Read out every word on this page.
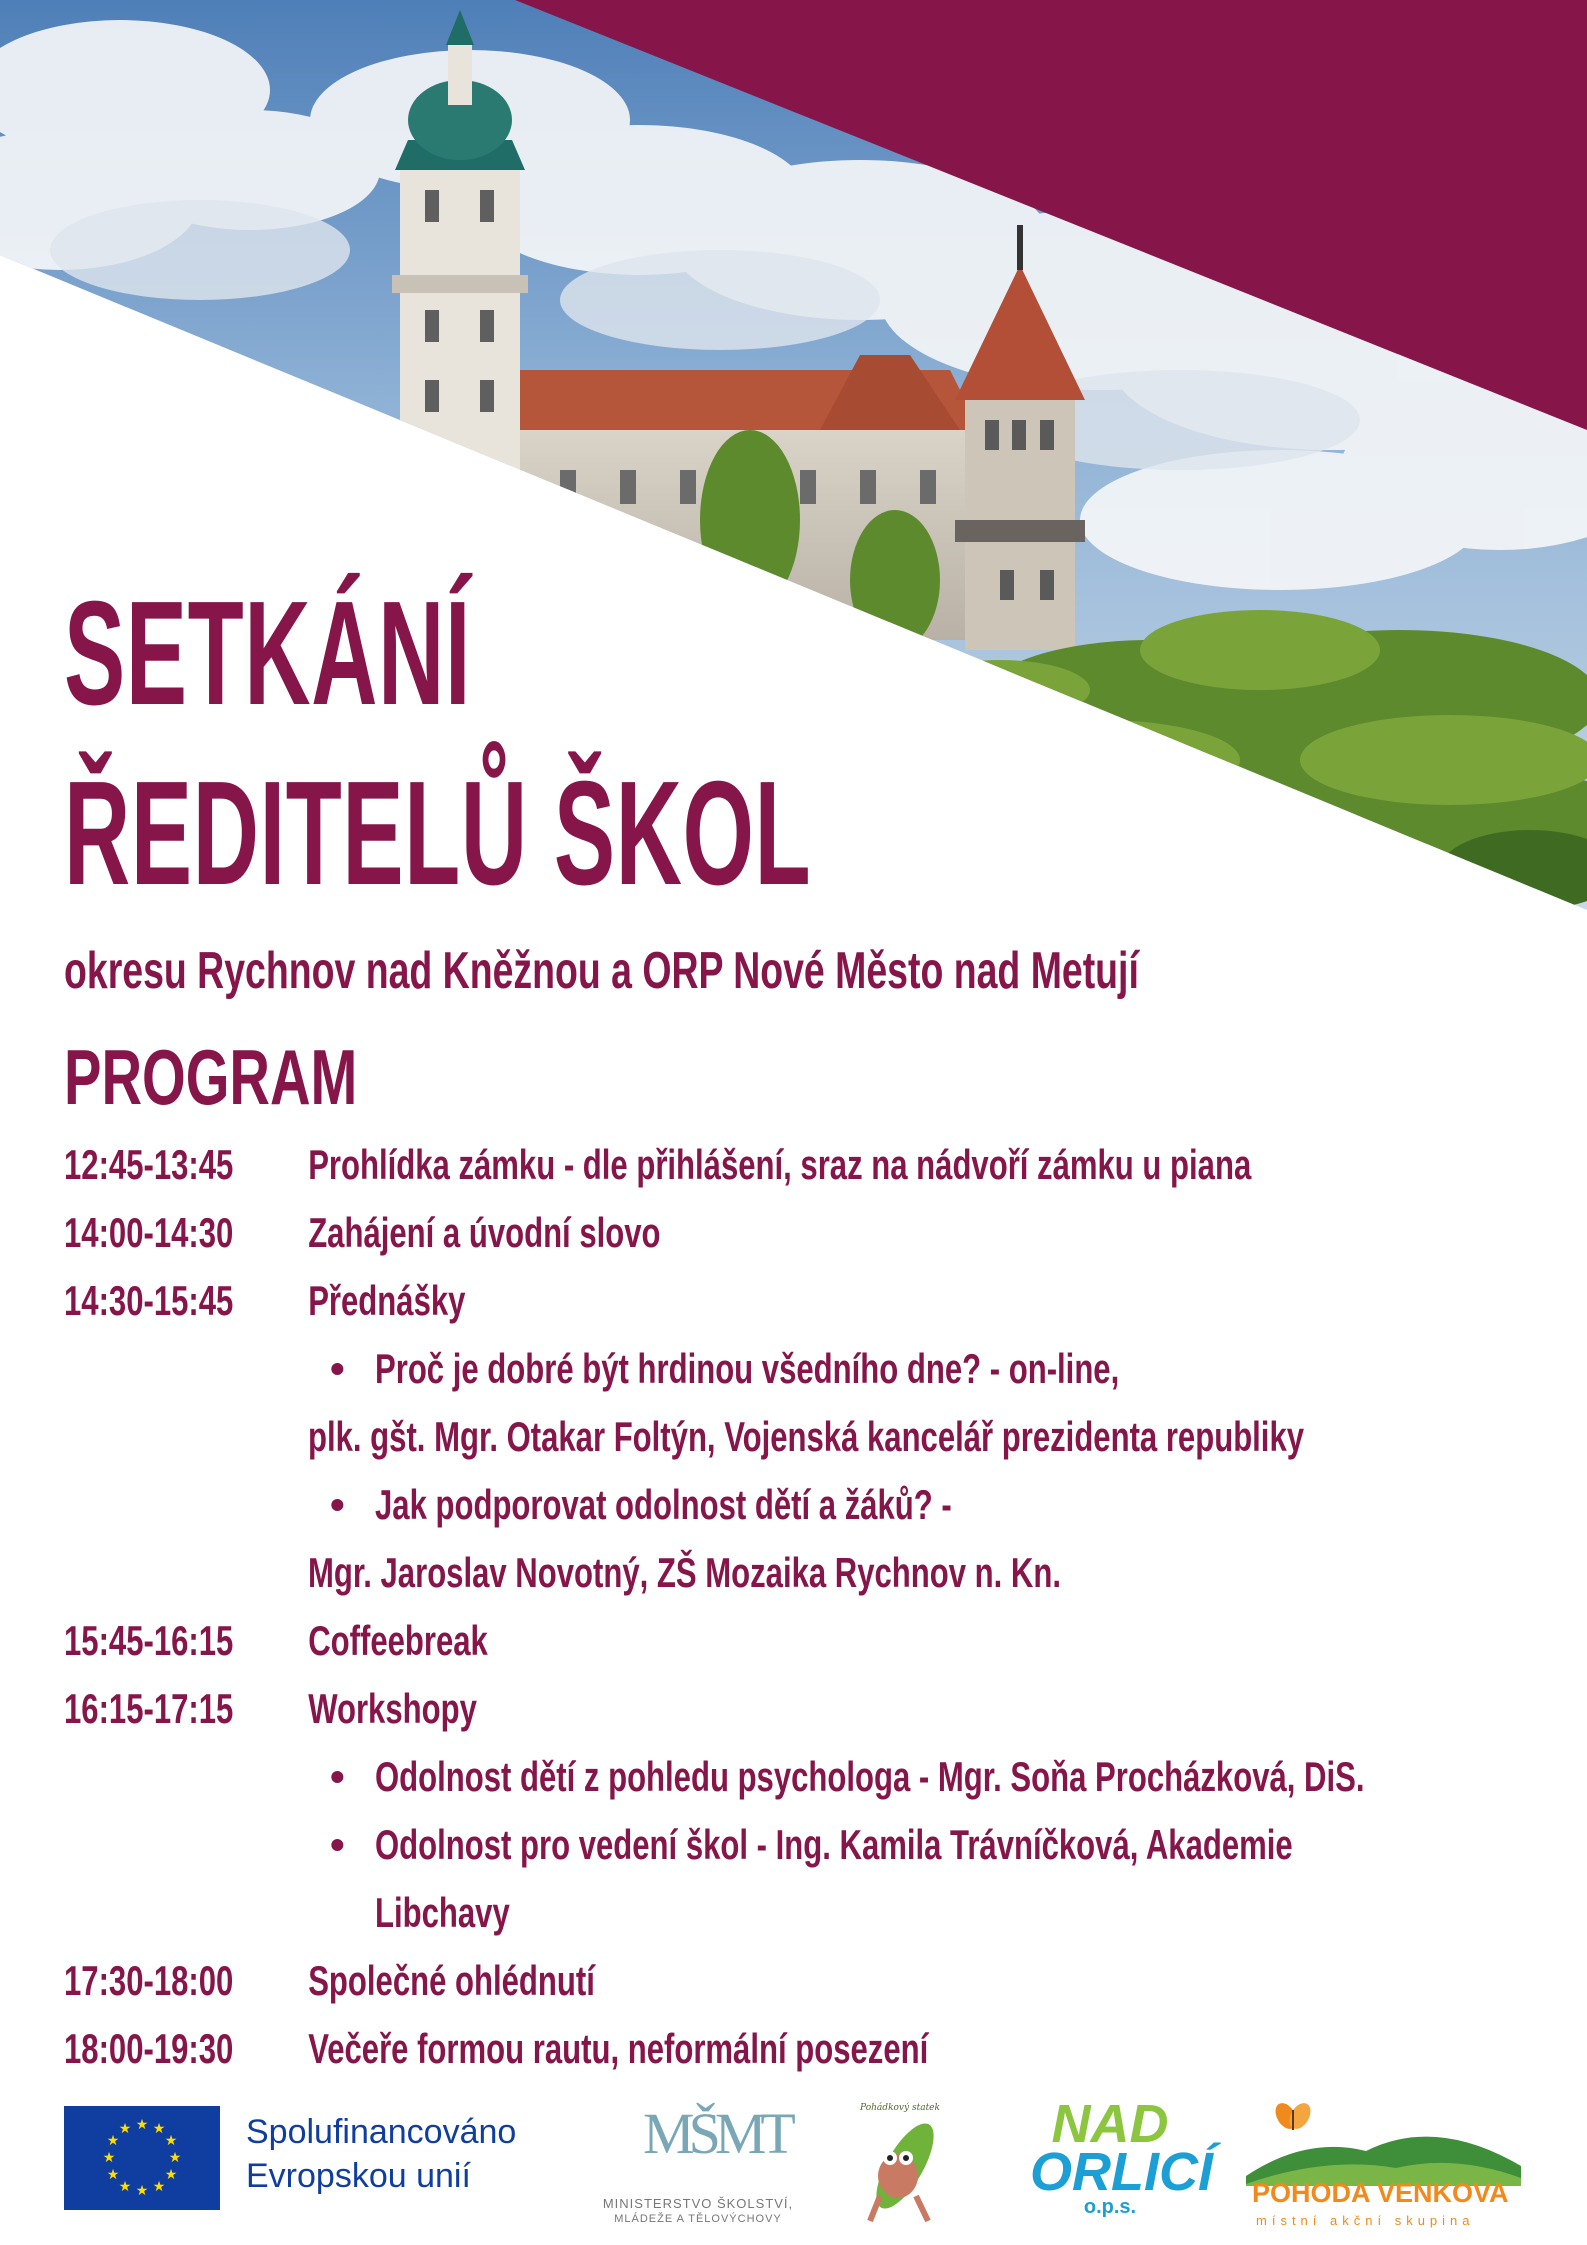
SETKÁNÍ
ŘEDITELŮ ŠKOL
okresu Rychnov nad Kněžnou a ORP Nové Město nad Metují
PROGRAM
12:45-13:45 Prohlídka zámku - dle přihlášení, sraz na nádvoří zámku u piana
14:00-14:30 Zahájení a úvodní slovo
14:30-15:45 Přednášky
• Proč je dobré být hrdinou všedního dne? - on-line,
plk. gšt. Mgr. Otakar Foltýn, Vojenská kancelář prezidenta republiky
• Jak podporovat odolnost dětí a žáků? -
Mgr. Jaroslav Novotný, ZŠ Mozaika Rychnov n. Kn.
15:45-16:15 Coffeebreak
16:15-17:15 Workshopy
• Odolnost dětí z pohledu psychologa - Mgr. Soňa Procházková, DiS.
• Odolnost pro vedení škol - Ing. Kamila Trávníčková, Akademie
Libchavy
17:30-18:00 Společné ohlédnutí
18:00-19:30 Večeře formou rautu, neformální posezení
★ ★
★
★
★
★
★
★
★
★
★
★	Spolufinancováno
Evropskou unií
MŠMT
MINISTERSTVO ŠKOLSTVÍ,
MLÁDEŽE A TĚLOVÝCHOVY
Pohádkový statek	NAD
ORLICÍ
o.p.s.	POHODA VENKOVA
místní akční skupina
